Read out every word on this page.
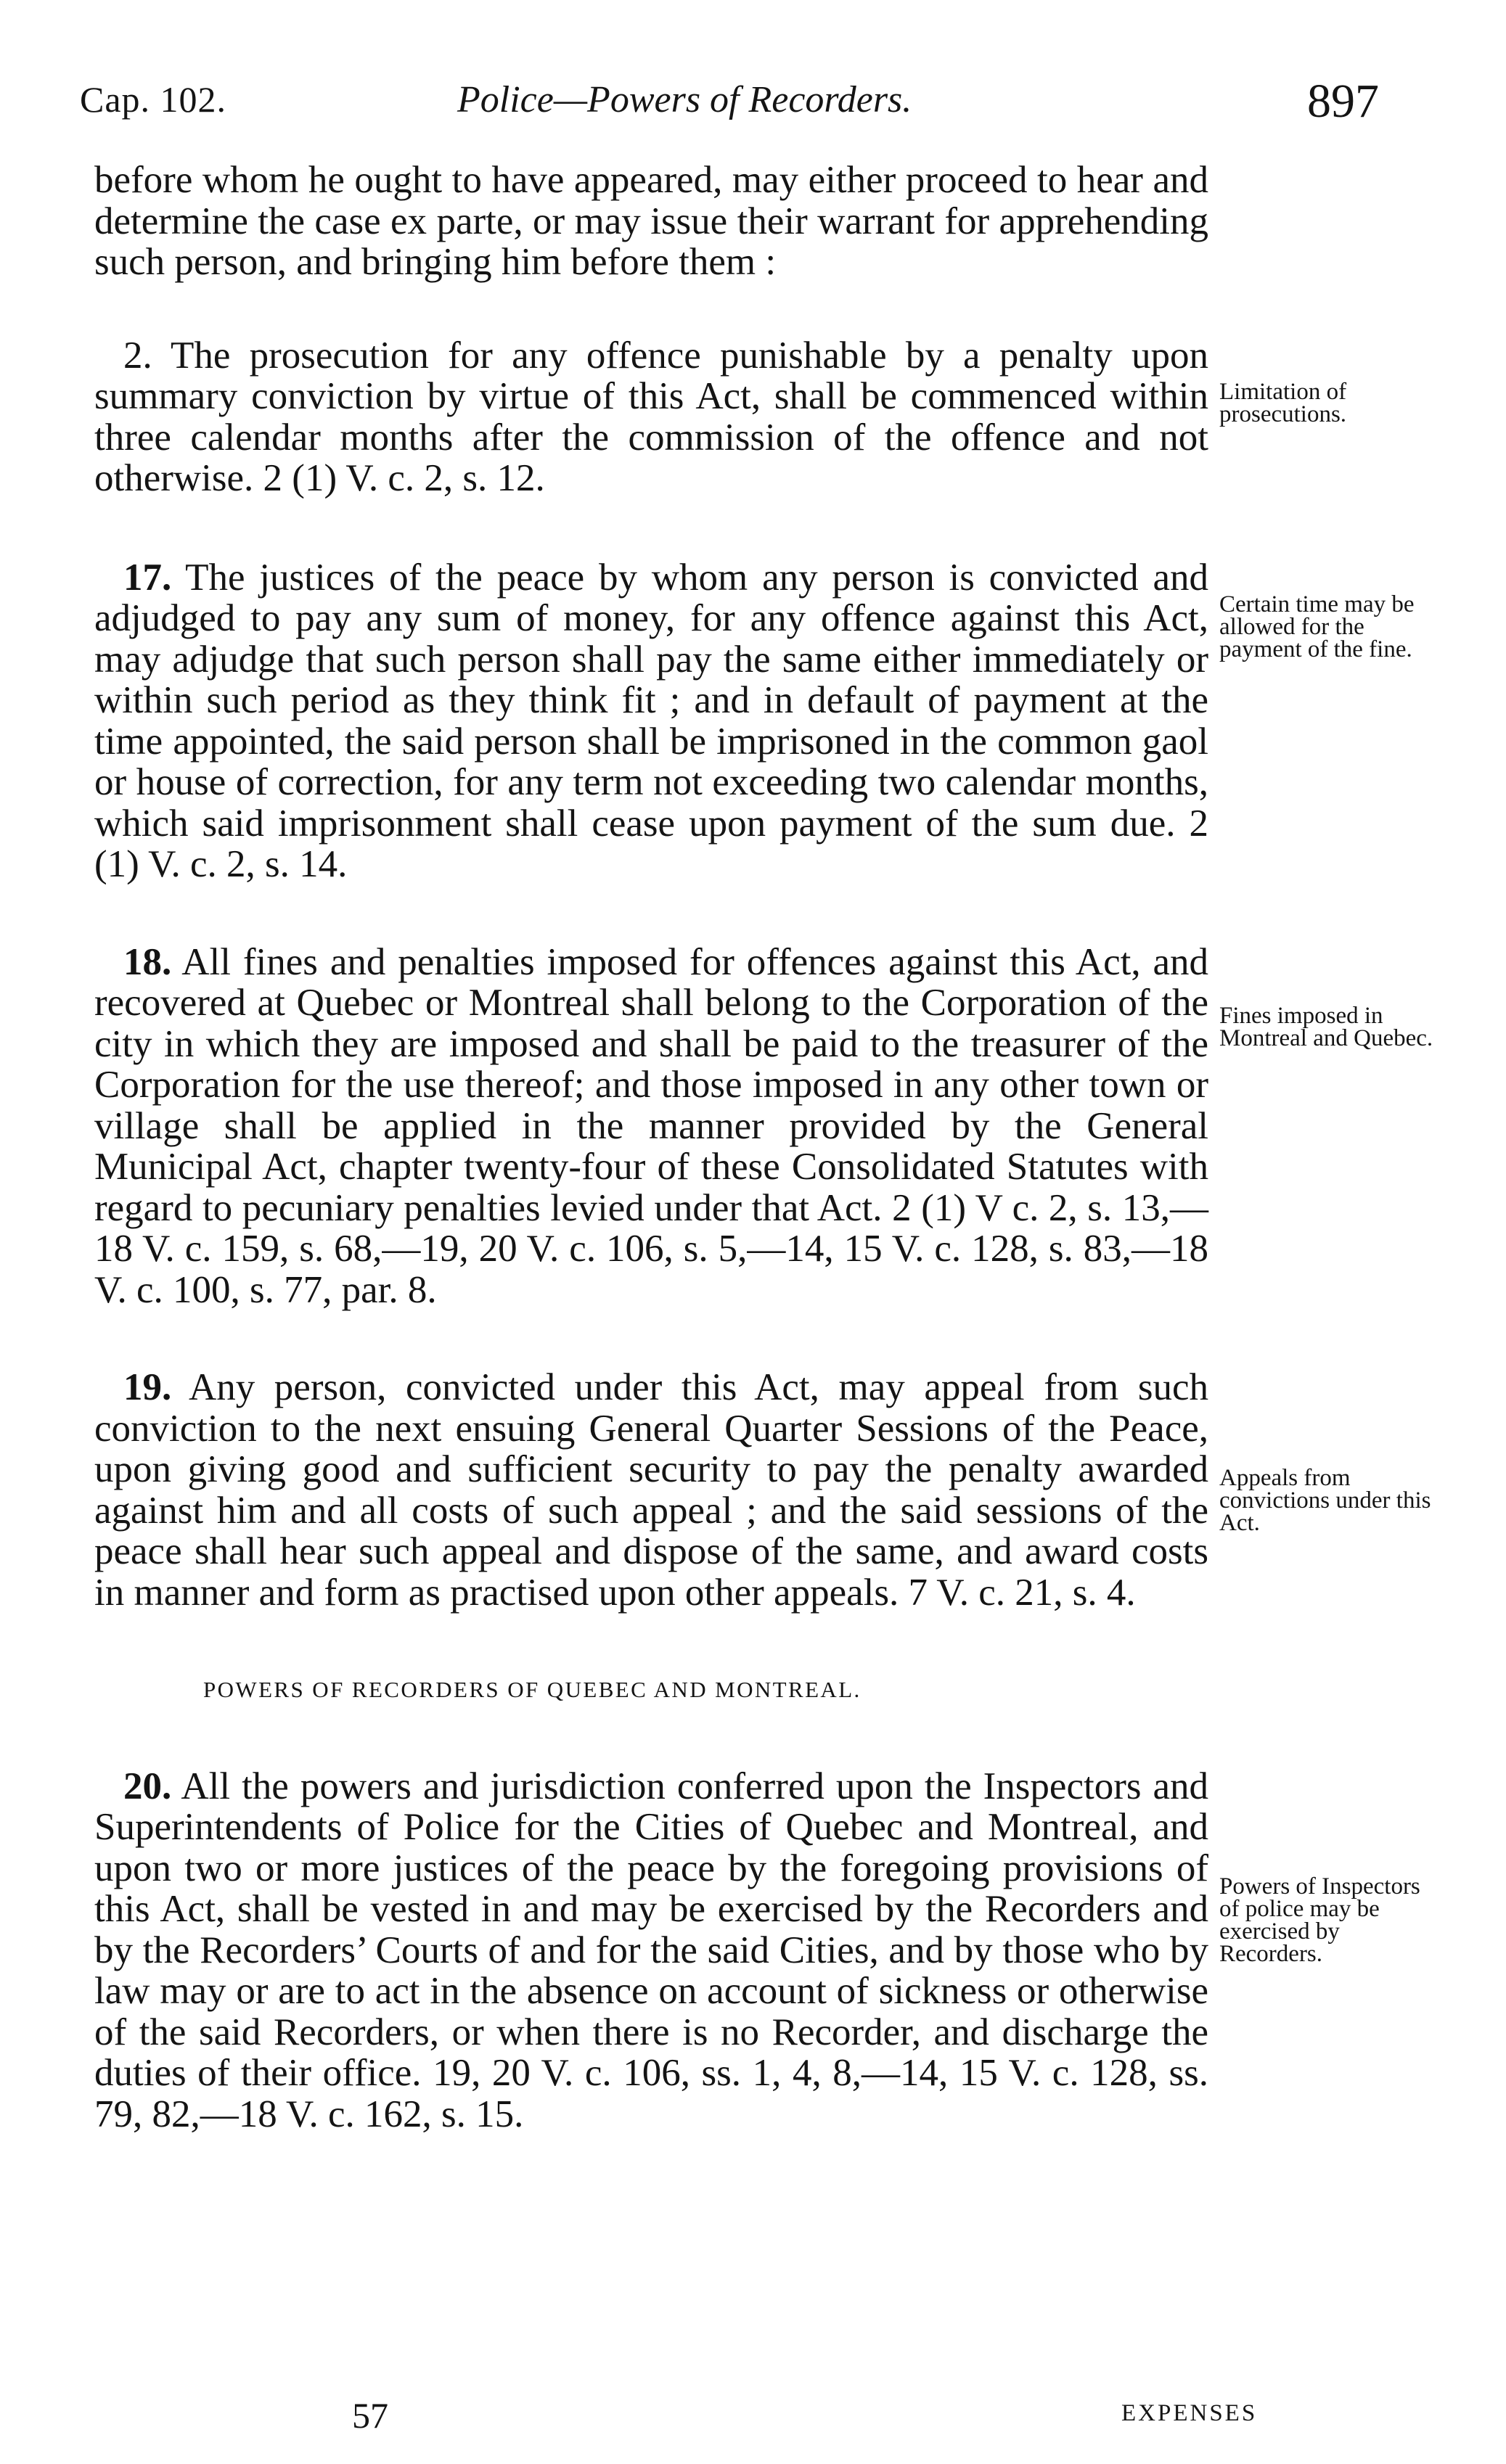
Cap. 102.	Police—Powers of Recorders.	897

before whom he ought to have appeared, may either proceed to hear and determine the case ex parte, or may issue their warrant for apprehending such person, and bringing him before them :

2. The prosecution for any offence punishable by a penalty upon summary conviction by virtue of this Act, shall be commenced within three calendar months after the commission of the offence and not otherwise. 2 (1) V. c. 2, s. 12.

17. The justices of the peace by whom any person is convicted and adjudged to pay any sum of money, for any offence against this Act, may adjudge that such person shall pay the same either immediately or within such period as they think fit ; and in default of payment at the time appointed, the said person shall be imprisoned in the common gaol or house of correction, for any term not exceeding two calendar months, which said imprisonment shall cease upon payment of the sum due. 2 (1) V. c. 2, s. 14.

18. All fines and penalties imposed for offences against this Act, and recovered at Quebec or Montreal shall belong to the Corporation of the city in which they are imposed and shall be paid to the treasurer of the Corporation for the use thereof; and those imposed in any other town or village shall be applied in the manner provided by the General Municipal Act, chapter twenty-four of these Consolidated Statutes with regard to pecuniary penalties levied under that Act. 2 (1) V c. 2, s. 13,—18 V. c. 159, s. 68,—19, 20 V. c. 106, s. 5,—14, 15 V. c. 128, s. 83,—18 V. c. 100, s. 77, par. 8.

19. Any person, convicted under this Act, may appeal from such conviction to the next ensuing General Quarter Sessions of the Peace, upon giving good and sufficient security to pay the penalty awarded against him and all costs of such appeal ; and the said sessions of the peace shall hear such appeal and dispose of the same, and award costs in manner and form as practised upon other appeals. 7 V. c. 21, s. 4.

POWERS OF RECORDERS OF QUEBEC AND MONTREAL.

20. All the powers and jurisdiction conferred upon the Inspectors and Superintendents of Police for the Cities of Quebec and Montreal, and upon two or more justices of the peace by the foregoing provisions of this Act, shall be vested in and may be exercised by the Recorders and by the Recorders’ Courts of and for the said Cities, and by those who by law may or are to act in the absence on account of sickness or otherwise of the said Recorders, or when there is no Recorder, and discharge the duties of their office. 19, 20 V. c. 106, ss. 1, 4, 8,—14, 15 V. c. 128, ss. 79, 82,—18 V. c. 162, s. 15.

Limitation of prosecutions.
Certain time may be allowed for the payment of the fine.
Fines imposed in Montreal and Quebec.
Appeals from convictions under this Act.
Powers of Inspectors of police may be exercised by Recorders.
57	EXPENSES
